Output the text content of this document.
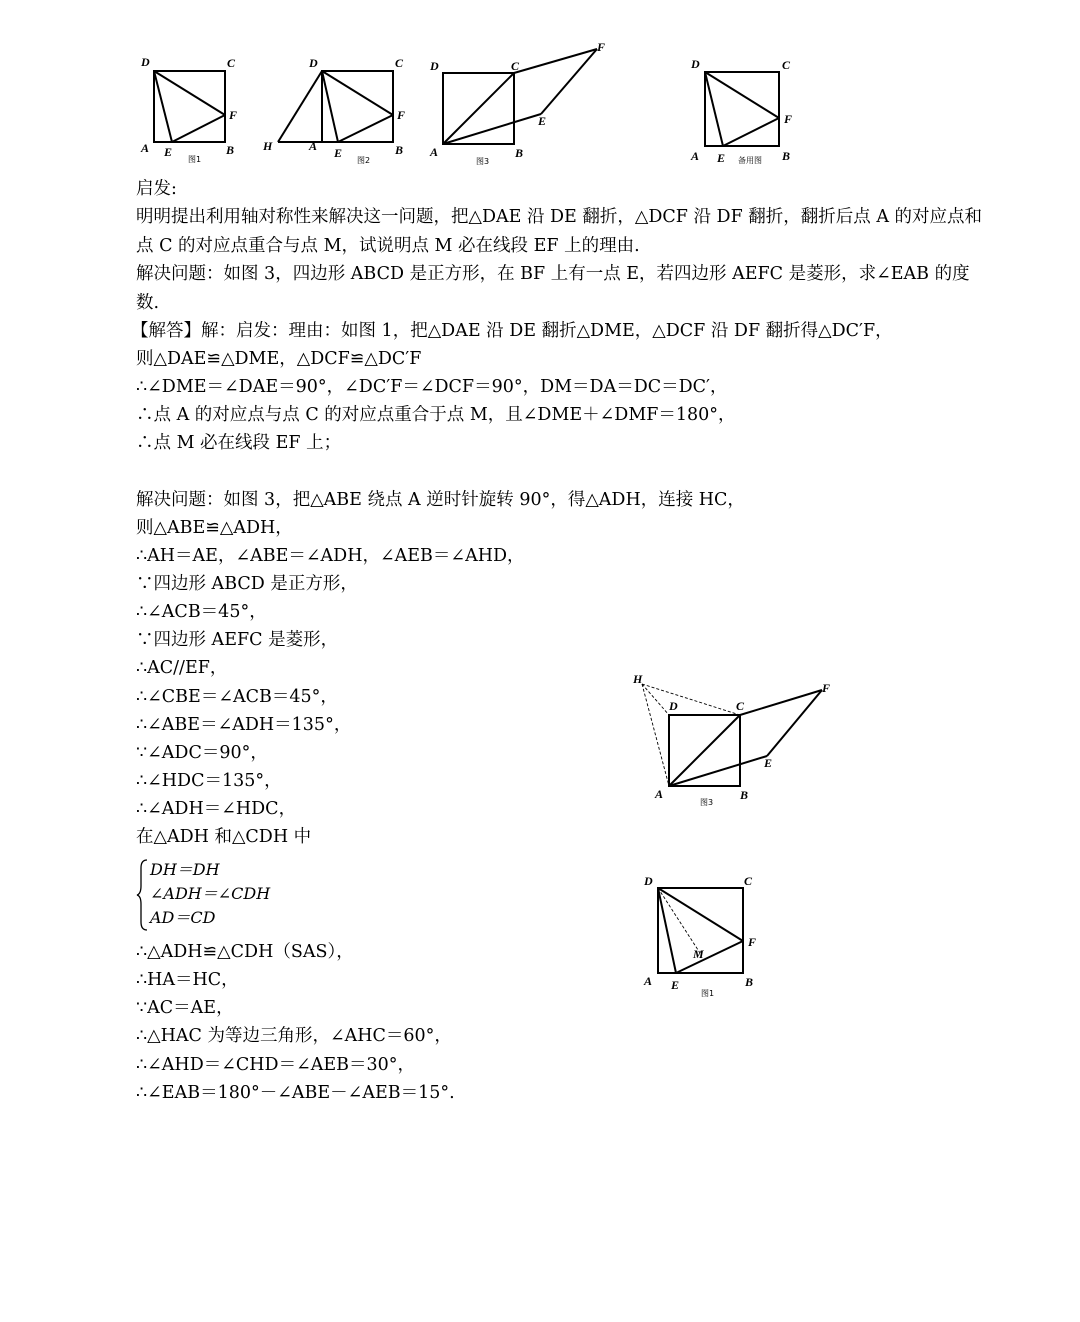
D	C
F
A E	B
图1
D	C
F
H	A E	B
图2
D	C
F
E
A	B
图3
D	C
F
A E	B
备用图
启发:
明明提出利用轴对称性来解决这一问题，把△DAE 沿 DE 翻折，△DCF 沿 DF 翻折，翻折后点 A 的对应点和点 C 的对应点重合与点 M，试说明点 M 必在线段 EF 上的理由.
解决问题：如图 3，四边形 ABCD 是正方形，在 BF 上有一点 E，若四边形 AEFC 是菱形，求∠EAB 的度数.
【解答】解：启发：理由：如图 1，把△DAE 沿 DE 翻折△DME，△DCF 沿 DF 翻折得△DC′F，
则△DAE≌△DME，△DCF≌△DC′F
∴∠DME＝∠DAE＝90°，∠DC′F＝∠DCF＝90°，DM＝DA＝DC＝DC′，
∴点 A 的对应点与点 C 的对应点重合于点 M，且∠DME＋∠DMF＝180°，
∴点 M 必在线段 EF 上；
解决问题：如图 3，把△ABE 绕点 A 逆时针旋转 90°，得△ADH，连接 HC，
则△ABE≌△ADH，
∴AH＝AE，∠ABE＝∠ADH，∠AEB＝∠AHD，
∵四边形 ABCD 是正方形，
∴∠ACB＝45°，
∵四边形 AEFC 是菱形，
∴AC//EF，
∴∠CBE＝∠ACB＝45°，
∴∠ABE＝∠ADH＝135°，
∵∠ADC＝90°，
∴∠HDC＝135°，
∴∠ADH＝∠HDC，
在△ADH 和△CDH 中
DH＝DH
∠ADH＝∠CDH
AD＝CD
∴△ADH≌△CDH（SAS），
∴HA＝HC，
∵AC＝AE，
∴△HAC 为等边三角形，∠AHC＝60°，
∴∠AHD＝∠CHD＝∠AEB＝30°，
∴∠EAB＝180°－∠ABE－∠AEB＝15°.
H
D	C
F
E
A	B
图3
D	C
F
M
A E	B
图1
